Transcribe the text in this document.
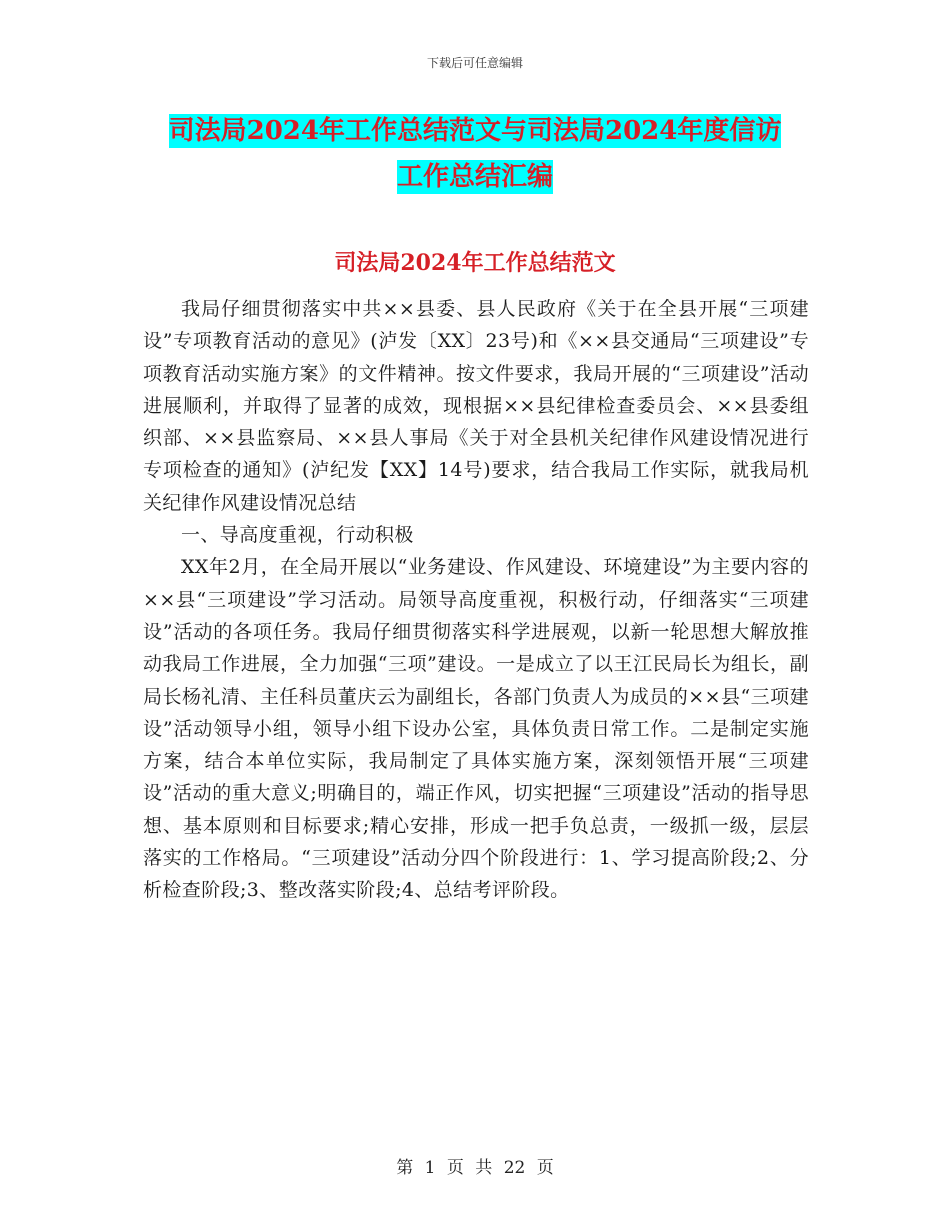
下载后可任意编辑
司法局2024年工作总结范文与司法局2024年度信访
工作总结汇编
司法局2024年工作总结范文

我局仔细贯彻落实中共××县委、县人民政府《关于在全县开展“三项建设”专项教育活动的意见》(泸发〔XX〕23号)和《××县交通局“三项建设”专项教育活动实施方案》的文件精神。按文件要求，我局开展的“三项建设”活动进展顺利，并取得了显著的成效，现根据××县纪律检查委员会、××县委组织部、××县监察局、××县人事局《关于对全县机关纪律作风建设情况进行专项检查的通知》(泸纪发【XX】14号)要求，结合我局工作实际，就我局机关纪律作风建设情况总结

一、导高度重视，行动积极

XX年2月，在全局开展以“业务建设、作风建设、环境建设”为主要内容的××县“三项建设”学习活动。局领导高度重视，积极行动，仔细落实“三项建设”活动的各项任务。我局仔细贯彻落实科学进展观，以新一轮思想大解放推动我局工作进展，全力加强“三项”建设。一是成立了以王江民局长为组长，副局长杨礼清、主任科员董庆云为副组长，各部门负责人为成员的××县“三项建设”活动领导小组，领导小组下设办公室，具体负责日常工作。二是制定实施方案，结合本单位实际，我局制定了具体实施方案，深刻领悟开展“三项建设”活动的重大意义;明确目的，端正作风，切实把握“三项建设”活动的指导思想、基本原则和目标要求;精心安排，形成一把手负总责，一级抓一级，层层落实的工作格局。“三项建设”活动分四个阶段进行：1、学习提高阶段;2、分析检查阶段;3、整改落实阶段;4、总结考评阶段。

第 1 页 共 22 页
